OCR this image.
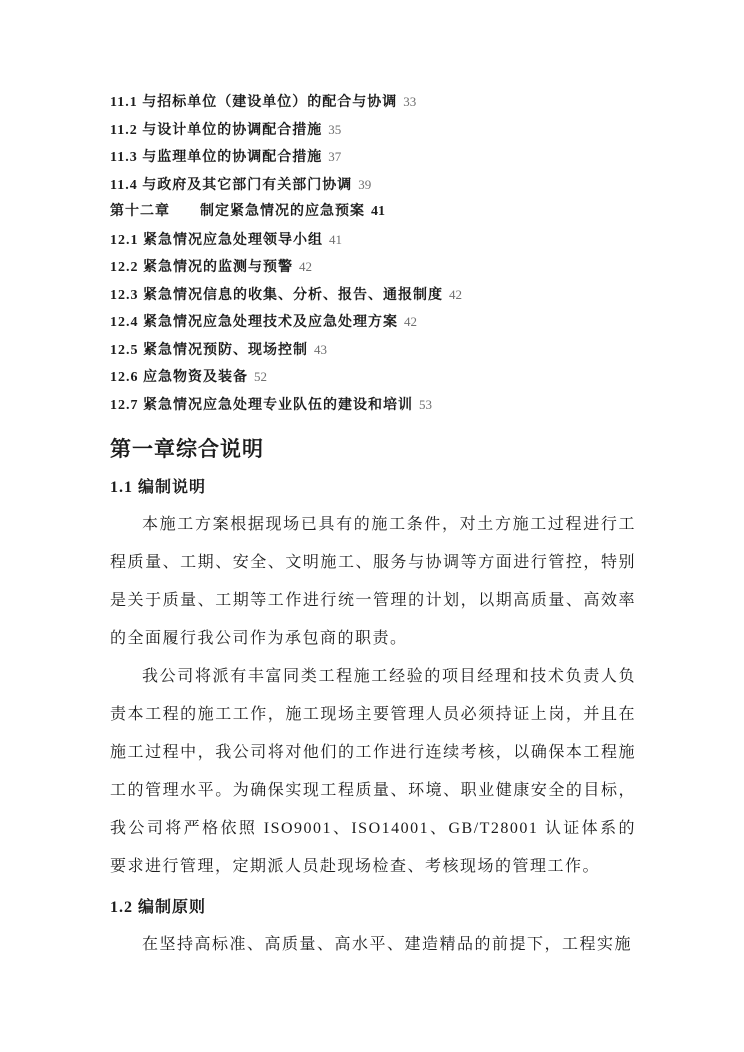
11.1 与招标单位（建设单位）的配合与协调 33
11.2 与设计单位的协调配合措施 35
11.3 与监理单位的协调配合措施 37
11.4 与政府及其它部门有关部门协调 39
第十二章　　制定紧急情况的应急预案 41
12.1 紧急情况应急处理领导小组 41
12.2 紧急情况的监测与预警 42
12.3 紧急情况信息的收集、分析、报告、通报制度 42
12.4 紧急情况应急处理技术及应急处理方案 42
12.5 紧急情况预防、现场控制 43
12.6 应急物资及装备 52
12.7 紧急情况应急处理专业队伍的建设和培训 53
第一章综合说明
1.1 编制说明

本施工方案根据现场已具有的施工条件，对土方施工过程进行工程质量、工期、安全、文明施工、服务与协调等方面进行管控，特别是关于质量、工期等工作进行统一管理的计划，以期高质量、高效率的全面履行我公司作为承包商的职责。

我公司将派有丰富同类工程施工经验的项目经理和技术负责人负责本工程的施工工作，施工现场主要管理人员必须持证上岗，并且在施工过程中，我公司将对他们的工作进行连续考核，以确保本工程施工的管理水平。为确保实现工程质量、环境、职业健康安全的目标，我公司将严格依照 ISO9001、ISO14001、GB/T28001 认证体系的要求进行管理，定期派人员赴现场检查、考核现场的管理工作。

1.2 编制原则

在坚持高标准、高质量、高水平、建造精品的前提下，工程实施
